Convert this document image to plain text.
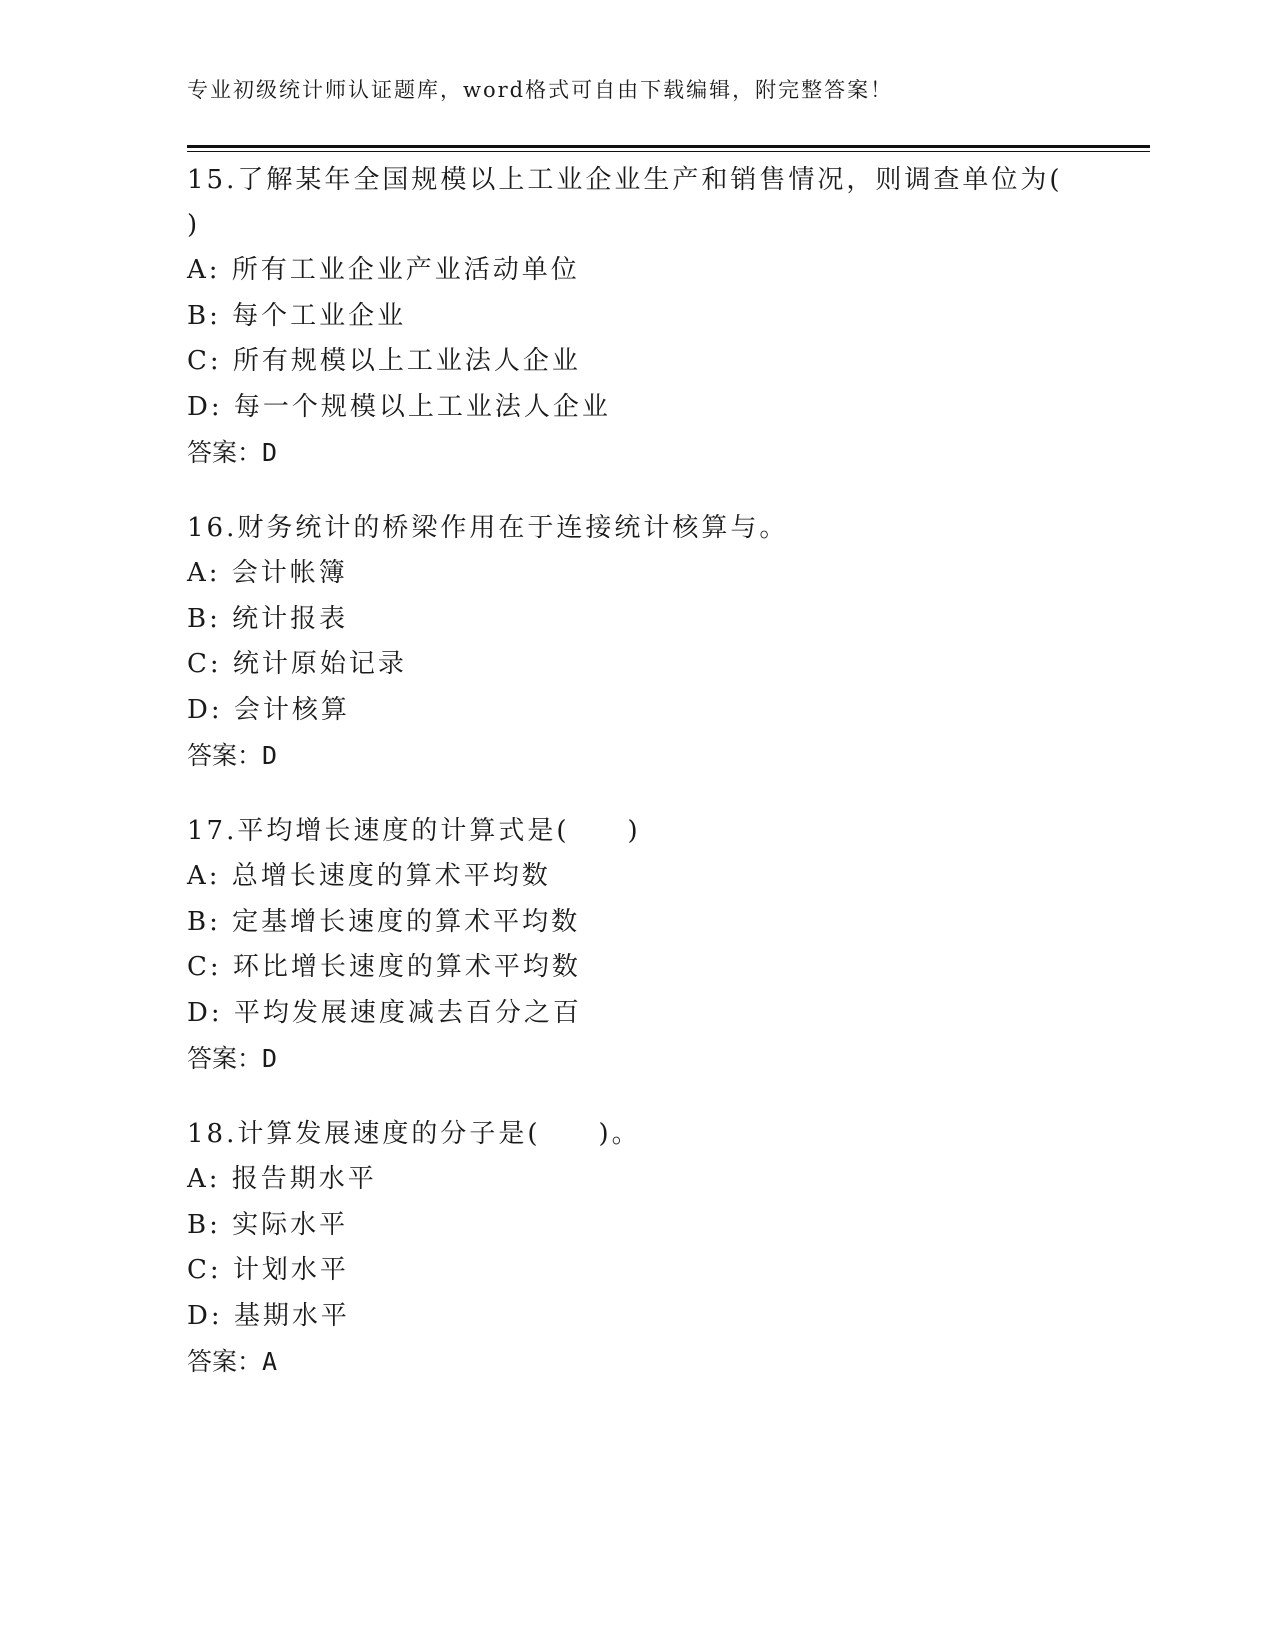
专业初级统计师认证题库，word格式可自由下载编辑，附完整答案！
15.了解某年全国规模以上工业企业生产和销售情况，则调查单位为(
)
A: 所有工业企业产业活动单位
B: 每个工业企业
C: 所有规模以上工业法人企业
D: 每一个规模以上工业法人企业
答案：D
16.财务统计的桥梁作用在于连接统计核算与。
A: 会计帐簿
B: 统计报表
C: 统计原始记录
D: 会计核算
答案：D
17.平均增长速度的计算式是(　　)
A: 总增长速度的算术平均数
B: 定基增长速度的算术平均数
C: 环比增长速度的算术平均数
D: 平均发展速度减去百分之百
答案：D
18.计算发展速度的分子是(　　)。
A: 报告期水平
B: 实际水平
C: 计划水平
D: 基期水平
答案：A
